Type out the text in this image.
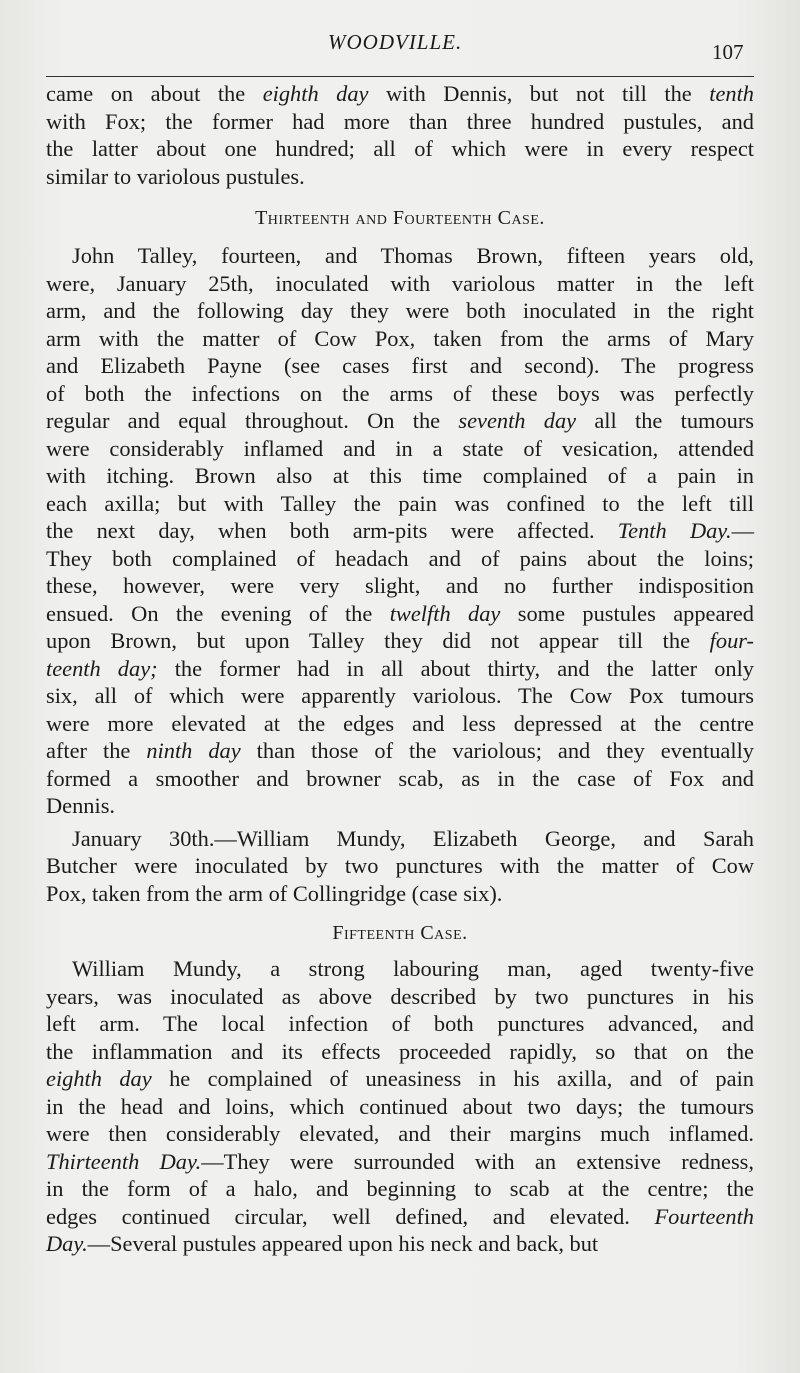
WOODVILLE.	107
came on about the eighth day with Dennis, but not till the tenth
with Fox; the former had more than three hundred pustules, and
the latter about one hundred; all of which were in every respect
similar to variolous pustules.
Thirteenth and Fourteenth Case.
John Talley, fourteen, and Thomas Brown, fifteen years old,
were, January 25th, inoculated with variolous matter in the left
arm, and the following day they were both inoculated in the right
arm with the matter of Cow Pox, taken from the arms of Mary
and Elizabeth Payne (see cases first and second). The progress
of both the infections on the arms of these boys was perfectly
regular and equal throughout. On the seventh day all the tumours
were considerably inflamed and in a state of vesication, attended
with itching. Brown also at this time complained of a pain in
each axilla; but with Talley the pain was confined to the left till
the next day, when both arm-pits were affected. Tenth Day.—
They both complained of headach and of pains about the loins;
these, however, were very slight, and no further indisposition
ensued. On the evening of the twelfth day some pustules appeared
upon Brown, but upon Talley they did not appear till the four-
teenth day; the former had in all about thirty, and the latter only
six, all of which were apparently variolous. The Cow Pox tumours
were more elevated at the edges and less depressed at the centre
after the ninth day than those of the variolous; and they eventually
formed a smoother and browner scab, as in the case of Fox and
Dennis.
January 30th.—William Mundy, Elizabeth George, and Sarah
Butcher were inoculated by two punctures with the matter of Cow
Pox, taken from the arm of Collingridge (case six).
Fifteenth Case.
William Mundy, a strong labouring man, aged twenty-five
years, was inoculated as above described by two punctures in his
left arm. The local infection of both punctures advanced, and
the inflammation and its effects proceeded rapidly, so that on the
eighth day he complained of uneasiness in his axilla, and of pain
in the head and loins, which continued about two days; the tumours
were then considerably elevated, and their margins much inflamed.
Thirteenth Day.—They were surrounded with an extensive redness,
in the form of a halo, and beginning to scab at the centre; the
edges continued circular, well defined, and elevated. Fourteenth
Day.—Several pustules appeared upon his neck and back, but
